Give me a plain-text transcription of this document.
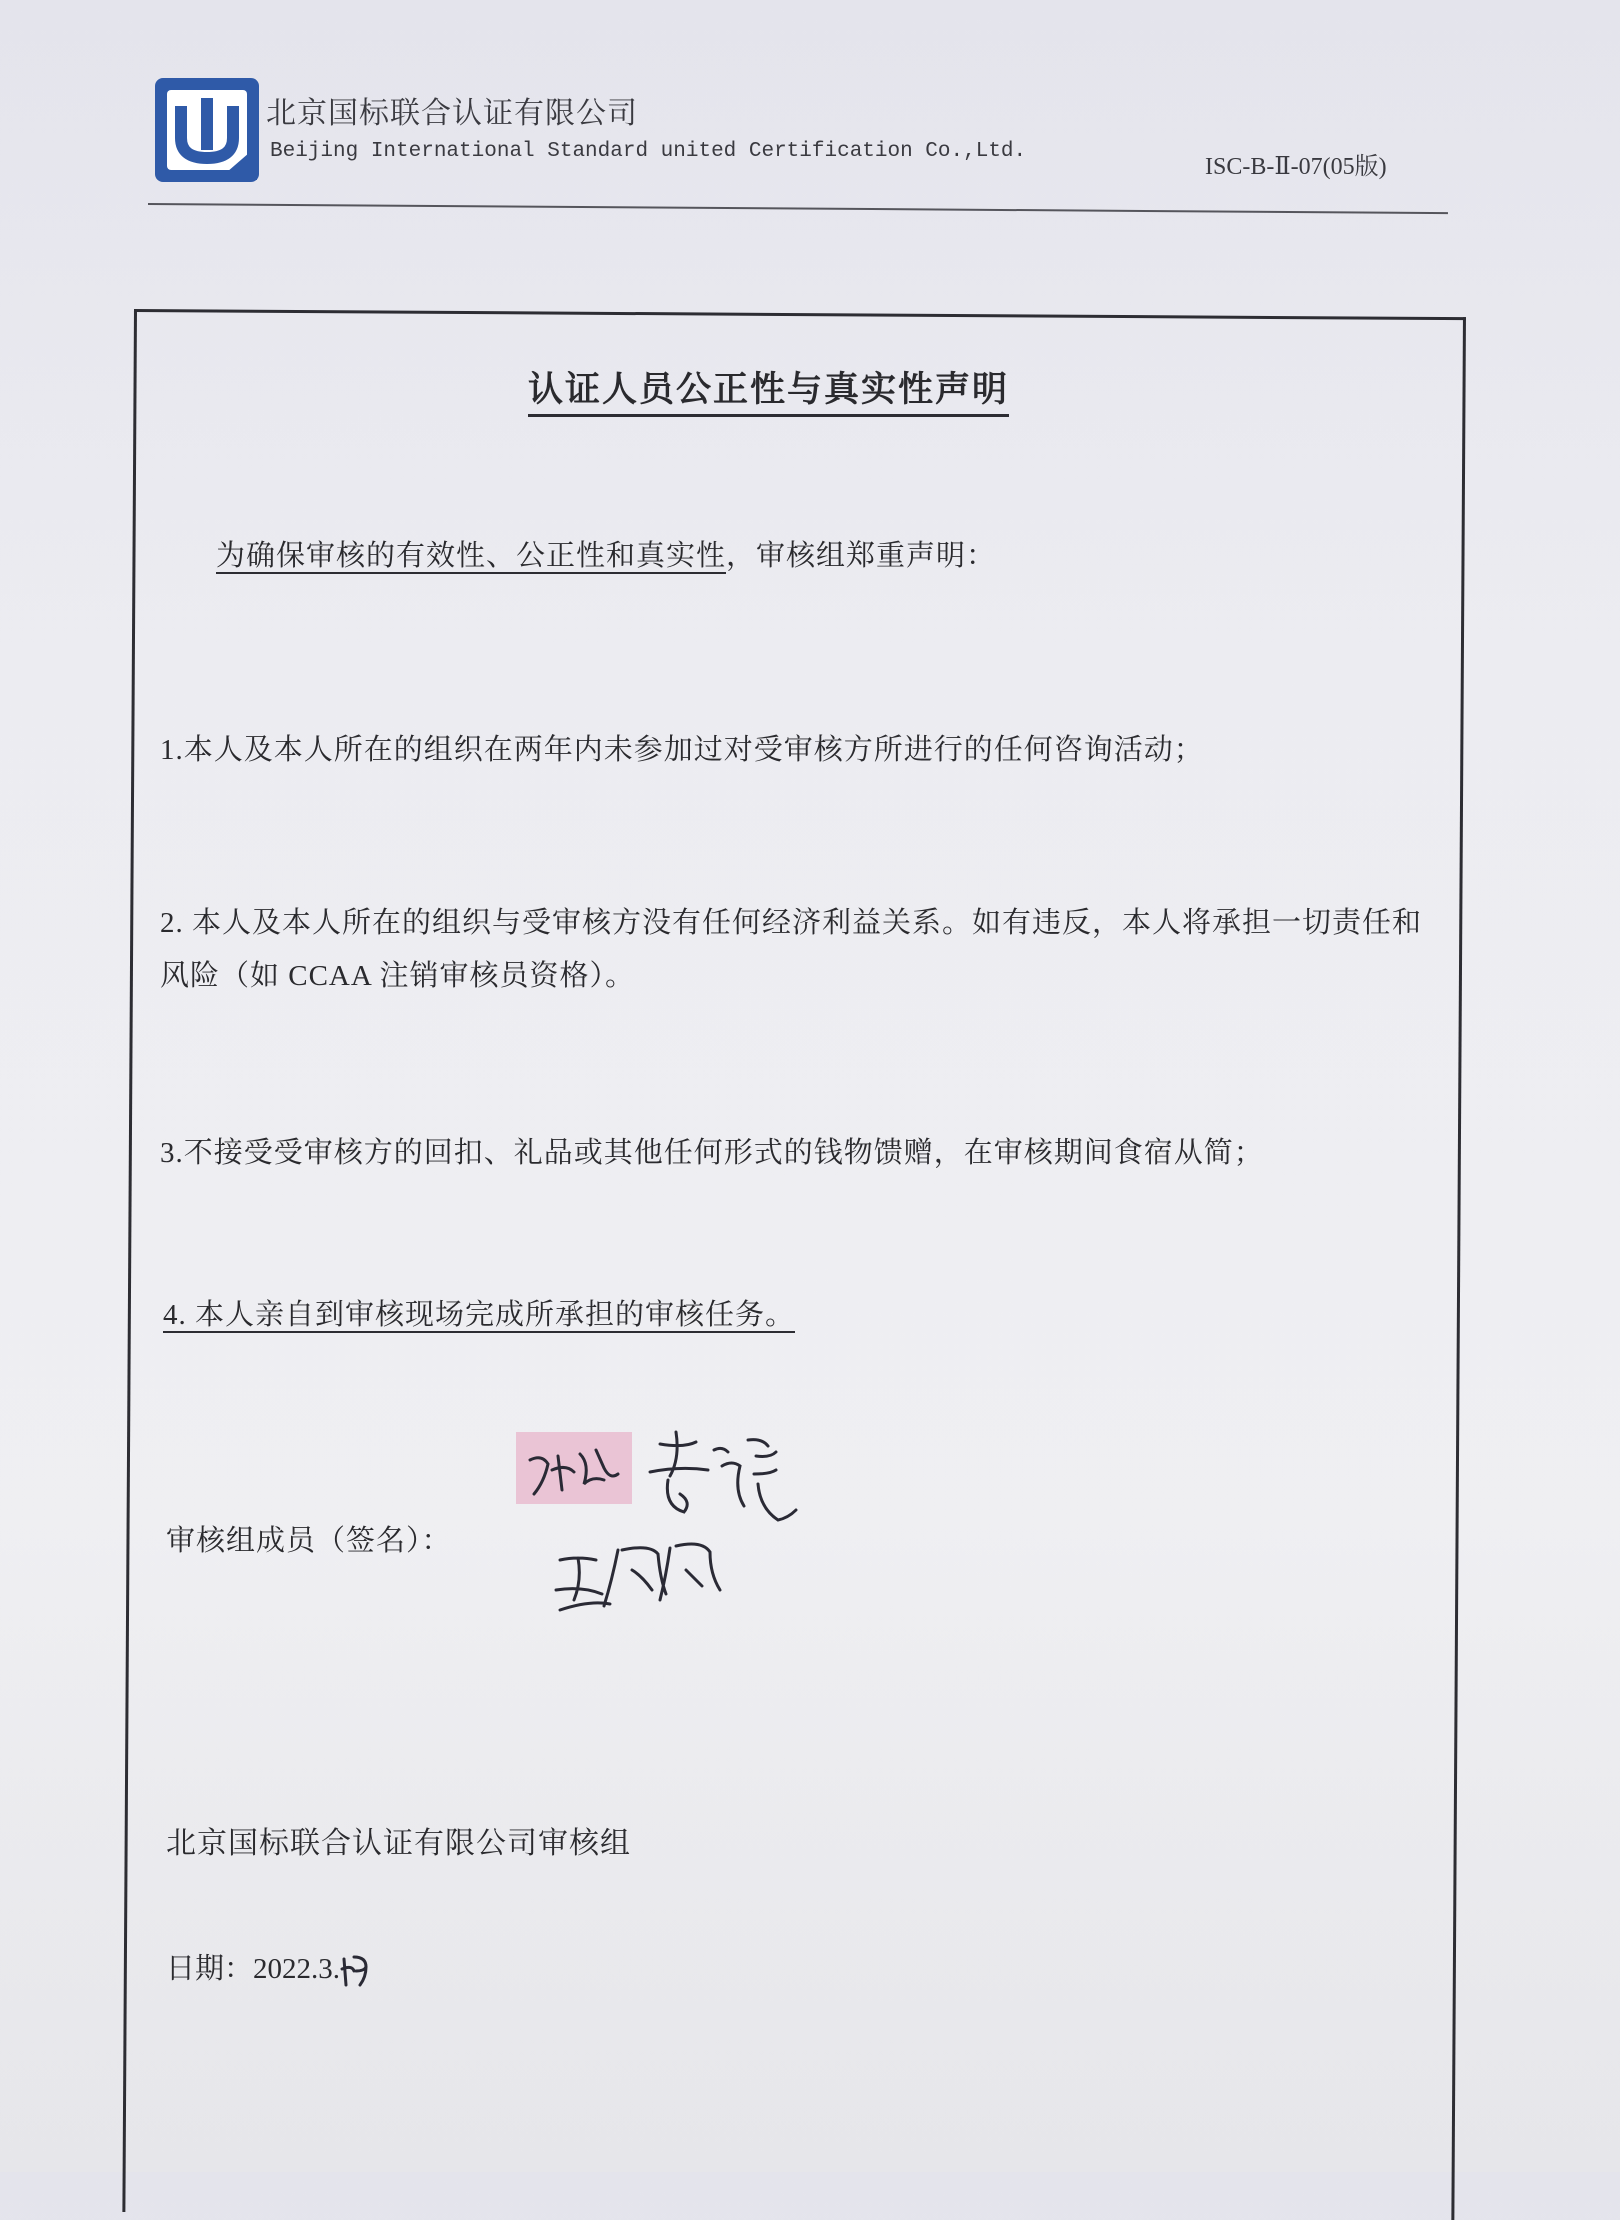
北京国标联合认证有限公司
Beijing International Standard united Certification Co.,Ltd.
ISC-B-Ⅱ-07(05版)
认证人员公正性与真实性声明
为确保审核的有效性、公正性和真实性，审核组郑重声明：
1.本人及本人所在的组织在两年内未参加过对受审核方所进行的任何咨询活动；
2. 本人及本人所在的组织与受审核方没有任何经济利益关系。如有违反，本人将承担一切责任和
风险（如 CCAA 注销审核员资格）。
3.不接受受审核方的回扣、礼品或其他任何形式的钱物馈赠，在审核期间食宿从简；
4. 本人亲自到审核现场完成所承担的审核任务。
审核组成员（签名）：
北京国标联合认证有限公司审核组
日期：2022.3.
